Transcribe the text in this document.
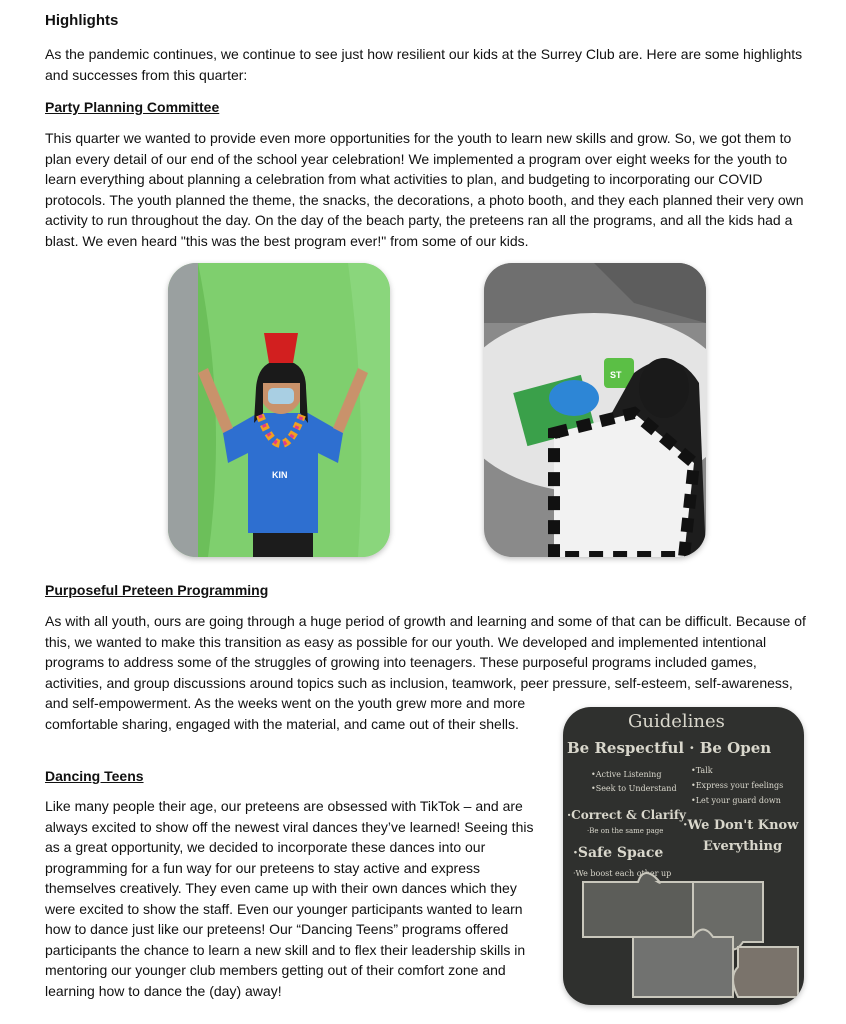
Highlights

As the pandemic continues, we continue to see just how resilient our kids at the Surrey Club are. Here are some highlights and successes from this quarter:

Party Planning Committee

This quarter we wanted to provide even more opportunities for the youth to learn new skills and grow. So, we got them to plan every detail of our end of the school year celebration! We implemented a program over eight weeks for the youth to learn everything about planning a celebration from what activities to plan, and budgeting to incorporating our COVID protocols. The youth planned the theme, the snacks, the decorations, a photo booth, and they each planned their very own activity to run throughout the day. On the day of the beach party, the preteens ran all the programs, and all the kids had a blast. We even heard "this was the best program ever!" from some of our kids.

KIN
ST
Purposeful Preteen Programming

As with all youth, ours are going through a huge period of growth and learning and some of that can be difficult. Because of this, we wanted to make this transition as easy as possible for our youth. We developed and implemented intentional programs to address some of the struggles of growing into teenagers. These purposeful programs included games, activities, and group discussions around topics such as inclusion, teamwork, peer pressure, self-esteem, self-awareness,

and self-empowerment. As the weeks went on the youth grew more and more comfortable sharing, engaged with the material, and came out of their shells.

Dancing Teens

Like many people their age, our preteens are obsessed with TikTok – and are always excited to show off the newest viral dances they’ve learned! Seeing this as a great opportunity, we decided to incorporate these dances into our programming for a fun way for our preteens to stay active and express themselves creatively. They even came up with their own dances which they were excited to show the staff. Even our younger participants wanted to learn how to dance just like our preteens! Our “Dancing Teens” programs offered participants the chance to learn a new skill and to flex their leadership skills in mentoring our younger club members getting out of their comfort zone and learning how to dance the (day) away!

Guidelines
Be Respectful · Be Open
•Active Listening
•Seek to Understand
•Talk
•Express your feelings
•Let your guard down
·Correct & Clarify
·Be on the same page ·We Don't Know
Everything
·Safe Space
·We boost each other up
